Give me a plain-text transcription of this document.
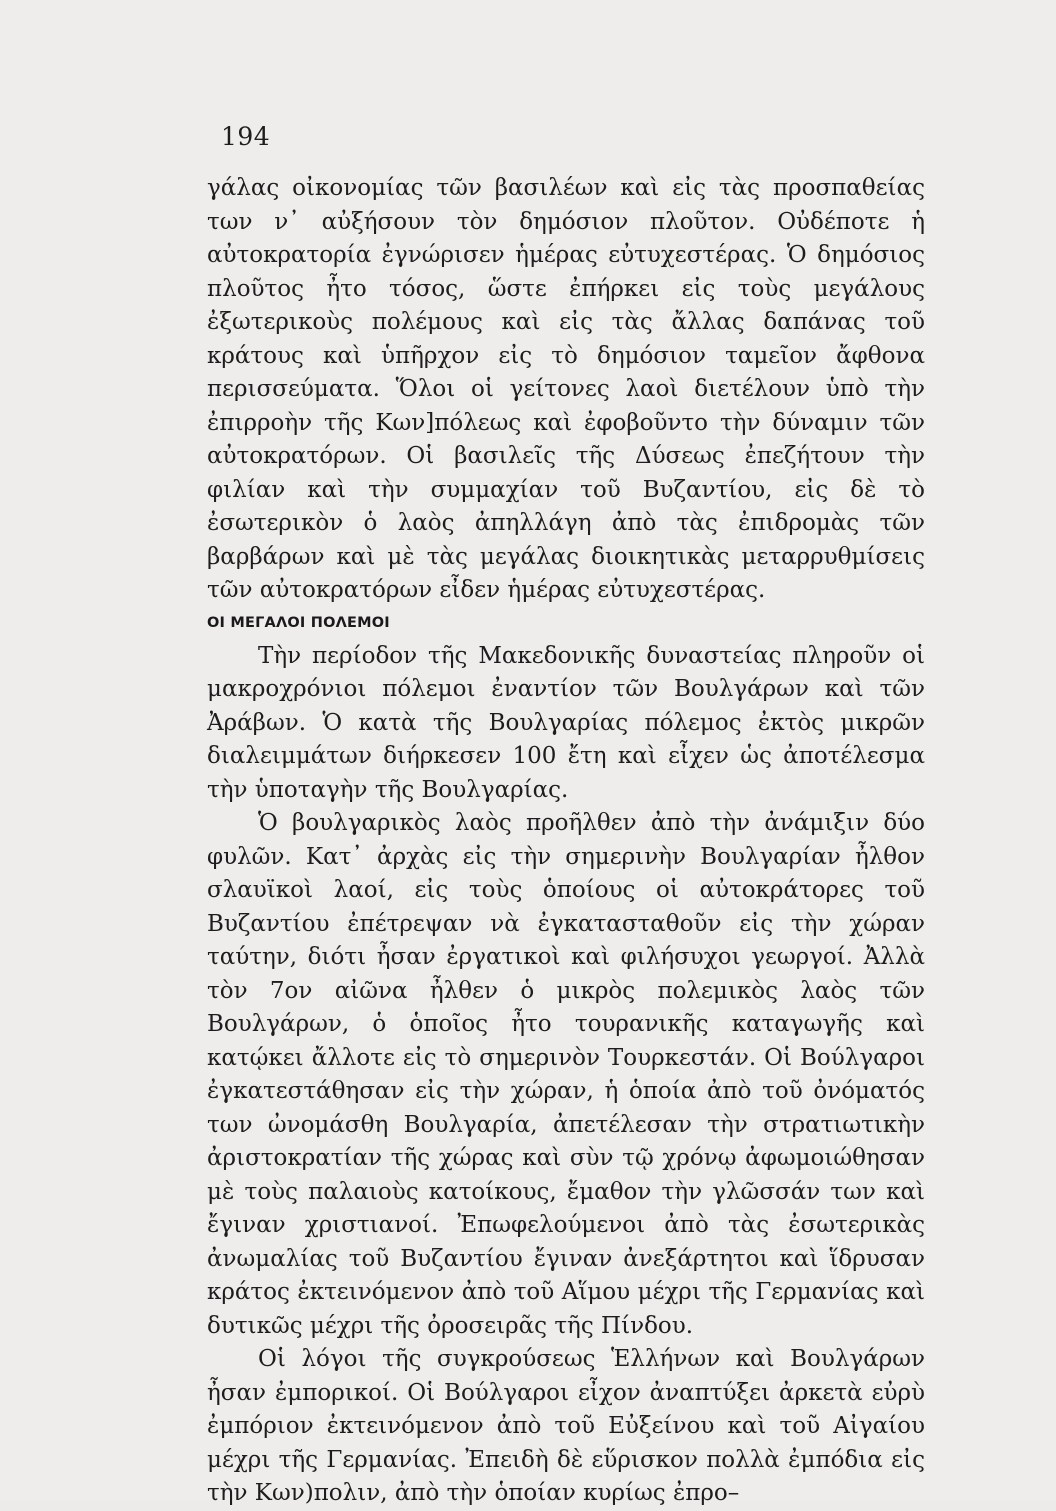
194

γάλας οἰκονομίας τῶν βασιλέων καὶ εἰς τὰς προσπαθείας των ν᾽ αὐξήσουν τὸν δημόσιον πλοῦτον. Οὐδέποτε ἡ αὐτοκρατορία ἐγνώρισεν ἡμέρας εὐτυχεστέρας. Ὁ δημόσιος πλοῦτος ἦτο τόσος, ὥστε ἐπήρκει εἰς τοὺς μεγάλους ἐξωτερικοὺς πολέμους καὶ εἰς τὰς ἄλλας δαπάνας τοῦ κράτους καὶ ὑπῆρχον εἰς τὸ δημόσιον ταμεῖον ἄφθονα περισσεύματα. Ὅλοι οἱ γείτονες λαοὶ διετέλουν ὑπὸ τὴν ἐπιρροὴν τῆς Κων]πόλεως καὶ ἐφοβοῦντο τὴν δύναμιν τῶν αὐτοκρατόρων. Οἱ βασιλεῖς τῆς Δύσεως ἐπεζήτουν τὴν φιλίαν καὶ τὴν συμμαχίαν τοῦ Βυζαντίου, εἰς δὲ τὸ ἐσωτερικὸν ὁ λαὸς ἀπηλλάγη ἀπὸ τὰς ἐπιδρομὰς τῶν βαρβάρων καὶ μὲ τὰς μεγάλας διοικητικὰς μεταρρυθμίσεις τῶν αὐτοκρατόρων εἶδεν ἡμέρας εὐτυχεστέρας.

ΟΙ ΜΕΓΑΛΟΙ ΠΟΛΕΜΟΙ

Τὴν περίοδον τῆς Μακεδονικῆς δυναστείας πληροῦν οἱ μακροχρόνιοι πόλεμοι ἐναντίον τῶν Βουλγάρων καὶ τῶν Ἀράβων. Ὁ κατὰ τῆς Βουλγαρίας πόλεμος ἐκτὸς μικρῶν διαλειμμάτων διήρκεσεν 100 ἔτη καὶ εἶχεν ὡς ἀποτέλεσμα τὴν ὑποταγὴν τῆς Βουλγαρίας.

Ὁ βουλγαρικὸς λαὸς προῆλθεν ἀπὸ τὴν ἀνάμιξιν δύο φυλῶν. Κατ᾽ ἀρχὰς εἰς τὴν σημερινὴν Βουλγαρίαν ἦλθον σλαυϊκοὶ λαοί, εἰς τοὺς ὁποίους οἱ αὐτοκράτορες τοῦ Βυζαντίου ἐπέτρεψαν νὰ ἐγκατασταθοῦν εἰς τὴν χώραν ταύτην, διότι ἦσαν ἐργατικοὶ καὶ φιλήσυχοι γεωργοί. Ἀλλὰ τὸν 7ον αἰῶνα ἦλθεν ὁ μικρὸς πολεμικὸς λαὸς τῶν Βουλγάρων, ὁ ὁποῖος ἦτο τουρανικῆς καταγωγῆς καὶ κατῴκει ἄλλοτε εἰς τὸ σημερινὸν Τουρκεστάν. Οἱ Βούλγαροι ἐγκατεστάθησαν εἰς τὴν χώραν, ἡ ὁποία ἀπὸ τοῦ ὀνόματός των ὠνομάσθη Βουλγαρία, ἀπετέλεσαν τὴν στρατιωτικὴν ἀριστοκρατίαν τῆς χώρας καὶ σὺν τῷ χρόνῳ ἀφωμοιώθησαν μὲ τοὺς παλαιοὺς κατοίκους, ἔμαθον τὴν γλῶσσάν των καὶ ἔγιναν χριστιανοί. Ἐπωφελούμενοι ἀπὸ τὰς ἐσωτερικὰς ἀνωμαλίας τοῦ Βυζαντίου ἔγιναν ἀνεξάρτητοι καὶ ἵδρυσαν κράτος ἐκτεινόμενον ἀπὸ τοῦ Αἵμου μέχρι τῆς Γερμανίας καὶ δυτικῶς μέχρι τῆς ὀροσειρᾶς τῆς Πίνδου.

Οἱ λόγοι τῆς συγκρούσεως Ἑλλήνων καὶ Βουλγάρων ἦσαν ἐμπορικοί. Οἱ Βούλγαροι εἶχον ἀναπτύξει ἀρκετὰ εὐρὺ ἐμπόριον ἐκτεινόμενον ἀπὸ τοῦ Εὐξείνου καὶ τοῦ Αἰγαίου μέχρι τῆς Γερμανίας. Ἐπειδὴ δὲ εὕρισκον πολλὰ ἐμπόδια εἰς τὴν Κων)πολιν, ἀπὸ τὴν ὁποίαν κυρίως ἐπρο–
